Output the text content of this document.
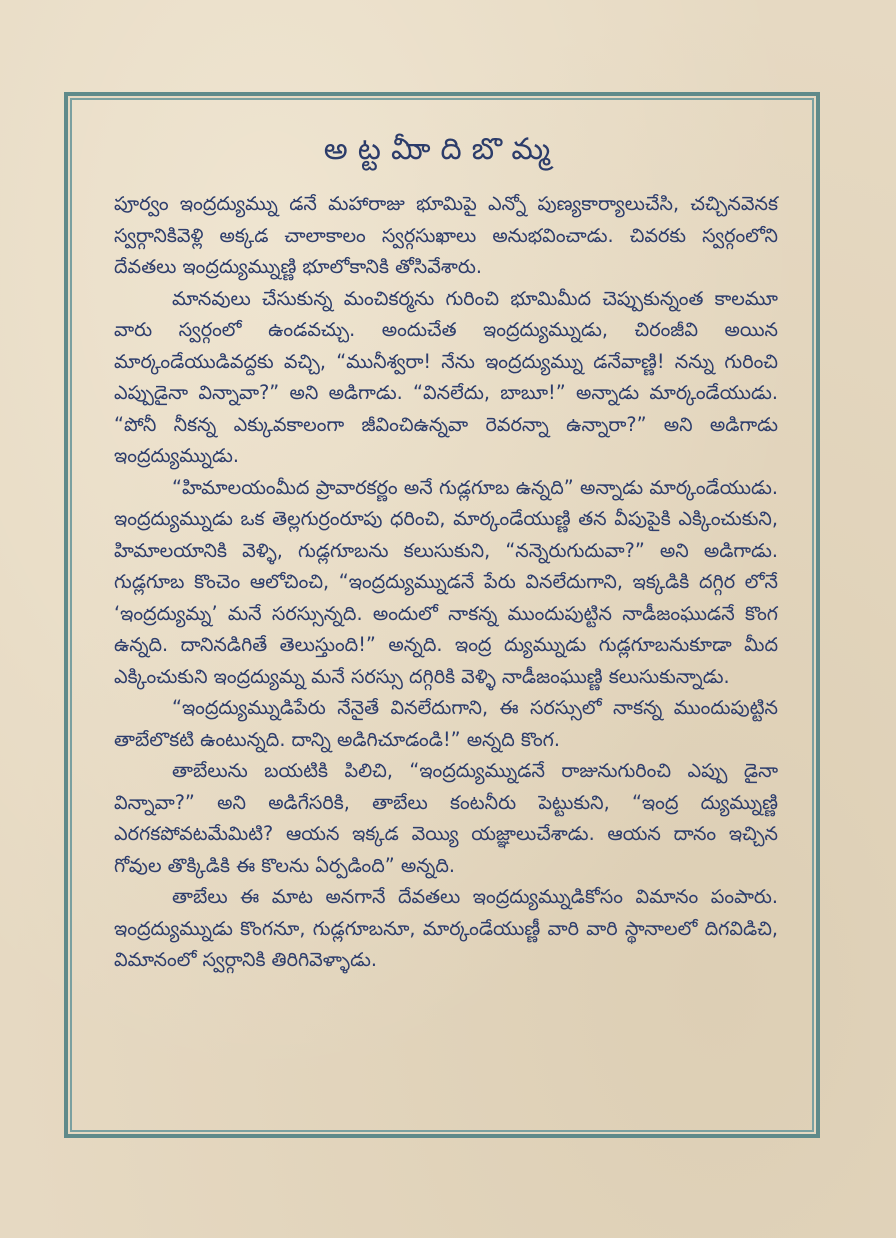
అట్టమీాదిబొమ్మ

పూర్వం ఇంద్రద్యుమ్ను డనే మహారాజు భూమిపై ఎన్నో పుణ్యకార్యాలుచేసి, చచ్చినవెనక స్వర్గానికివెళ్లి అక్కడ చాలాకాలం స్వర్గసుఖాలు అనుభవించాడు. చివరకు స్వర్గంలోని దేవతలు ఇంద్రద్యుమ్నుణ్ణి భూలోకానికి తోసివేశారు.

మానవులు చేసుకున్న మంచికర్మను గురించి భూమిమీద చెప్పుకున్నంత కాలమూ వారు స్వర్గంలో ఉండవచ్చు. అందుచేత ఇంద్రద్యుమ్నుడు, చిరంజీవి అయిన మార్కండేయుడివద్దకు వచ్చి, “మునీశ్వరా! నేను ఇంద్రద్యుమ్ను డనేవాణ్ణి! నన్ను గురించి ఎప్పుడైనా విన్నావా?” అని అడిగాడు. “వినలేదు, బాబూ!” అన్నాడు మార్కండేయుడు. “పోనీ నీకన్న ఎక్కువకాలంగా జీవించిఉన్నవా రెవరన్నా ఉన్నారా?” అని అడిగాడు ఇంద్రద్యుమ్నుడు.

“హిమాలయంమీద ప్రావారకర్ణం అనే గుడ్లగూబ ఉన్నది” అన్నాడు మార్కండేయుడు. ఇంద్రద్యుమ్నుడు ఒక తెల్లగుర్రంరూపు ధరించి, మార్కండేయుణ్ణి తన వీపుపైకి ఎక్కించుకుని, హిమాలయానికి వెళ్ళి, గుడ్లగూబను కలుసుకుని, “నన్నెరుగుదువా?” అని అడిగాడు. గుడ్లగూబ కొంచెం ఆలోచించి, “ఇంద్రద్యుమ్నుడనే పేరు వినలేదుగాని, ఇక్కడికి దగ్గిర లోనే ‘ఇంద్రద్యుమ్న’ మనే సరస్సున్నది. అందులో నాకన్న ముందుపుట్టిన నాడీజంఘుడనే కొంగ ఉన్నది. దానినడిగితే తెలుస్తుంది!” అన్నది. ఇంద్ర ద్యుమ్నుడు గుడ్లగూబనుకూడా మీద ఎక్కించుకుని ఇంద్రద్యుమ్న మనే సరస్సు దగ్గిరికి వెళ్ళి నాడీజంఘుణ్ణి కలుసుకున్నాడు.

“ఇంద్రద్యుమ్నుడిపేరు నేనైతే వినలేదుగాని, ఈ సరస్సులో నాకన్న ముందుపుట్టిన తాబేలొకటి ఉంటున్నది. దాన్ని అడిగిచూడండి!” అన్నది కొంగ.

తాబేలును బయటికి పిలిచి, “ఇంద్రద్యుమ్నుడనే రాజునుగురించి ఎప్పు డైనా విన్నావా?” అని అడిగేసరికి, తాబేలు కంటనీరు పెట్టుకుని, “ఇంద్ర ద్యుమ్నుణ్ణి ఎరగకపోవటమేమిటి? ఆయన ఇక్కడ వెయ్యి యజ్ఞాలుచేశాడు. ఆయన దానం ఇచ్చిన గోవుల తొక్కిడికి ఈ కొలను ఏర్పడింది” అన్నది.

తాబేలు ఈ మాట అనగానే దేవతలు ఇంద్రద్యుమ్నుడికోసం విమానం పంపారు. ఇంద్రద్యుమ్నుడు కొంగనూ, గుడ్లగూబనూ, మార్కండేయుణ్ణీ వారి వారి స్థానాలలో దిగవిడిచి, విమానంలో స్వర్గానికి తిరిగివెళ్ళాడు.
